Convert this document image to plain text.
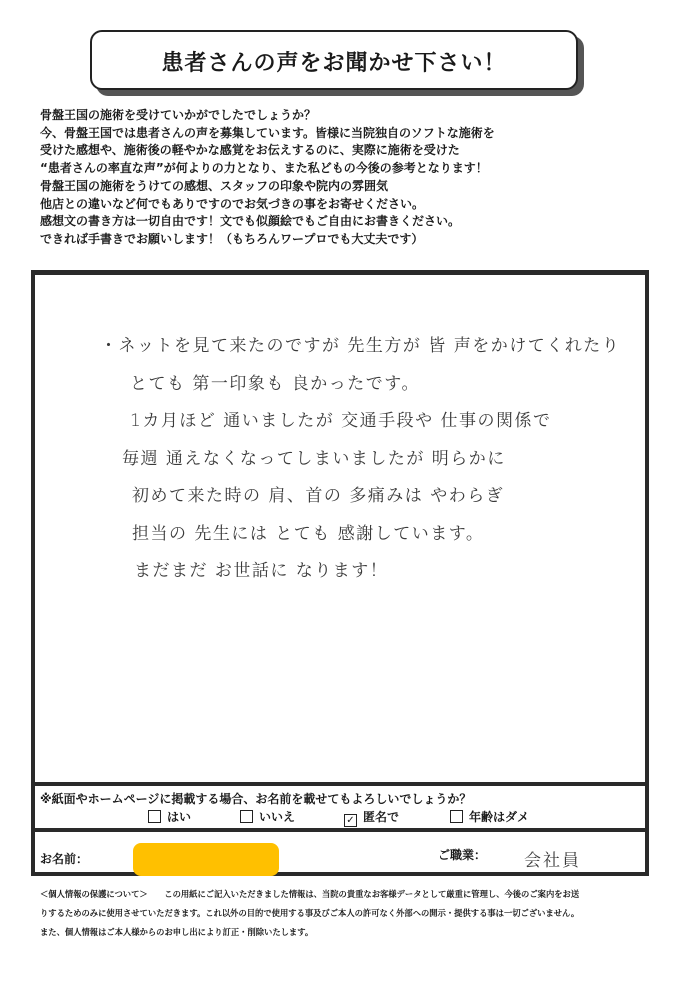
患者さんの声をお聞かせ下さい！
骨盤王国の施術を受けていかがでしたでしょうか？
今、骨盤王国では患者さんの声を募集しています。皆様に当院独自のソフトな施術を
受けた感想や、施術後の軽やかな感覚をお伝えするのに、実際に施術を受けた
“患者さんの率直な声”が何よりの力となり、また私どもの今後の参考となります！
骨盤王国の施術をうけての感想、スタッフの印象や院内の雰囲気
他店との違いなど何でもありですのでお気づきの事をお寄せください。
感想文の書き方は一切自由です！文でも似顔絵でもご自由にお書きください。
できれば手書きでお願いします！（もちろんワープロでも大丈夫です）
・ネットを見て来たのですが 先生方が 皆 声をかけてくれたり
とても 第一印象も 良かったです。
1カ月ほど 通いましたが 交通手段や 仕事の関係で
毎週 通えなくなってしまいましたが 明らかに
初めて来た時の 肩、首の 多痛みは やわらぎ
担当の 先生には とても 感謝しています。
まだまだ お世話に なります！
※紙面やホームページに掲載する場合、お名前を載せてもよろしいでしょうか？
はい	いいえ	✓ 匿名で	年齢はダメ
お名前：	ご職業： 会社員
＜個人情報の保護について＞　　この用紙にご記入いただきました情報は、当院の貴重なお客様データとして厳重に管理し、今後のご案内をお送
りするためのみに使用させていただきます。これ以外の目的で使用する事及びご本人の許可なく外部への開示・提供する事は一切ございません。
また、個人情報はご本人様からのお申し出により訂正・削除いたします。
